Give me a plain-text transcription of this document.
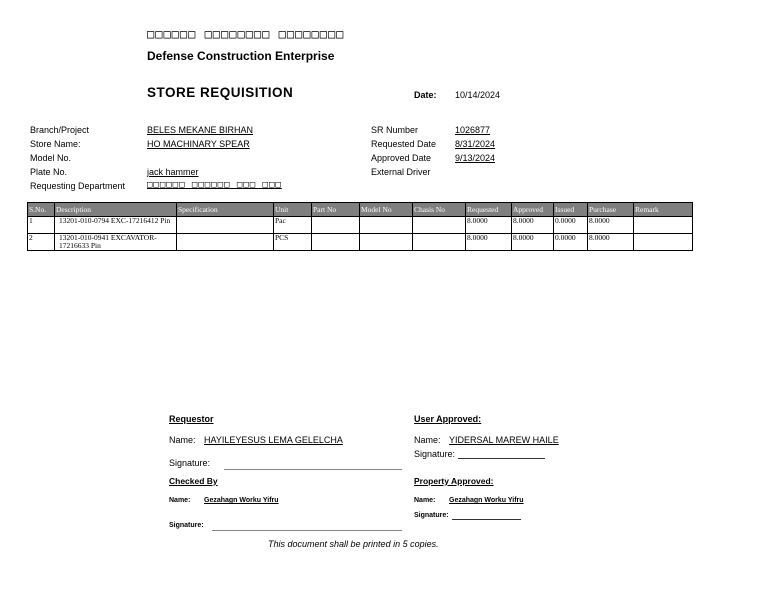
□□□□□□ □□□□□□□□ □□□□□□□□
Defense Construction Enterprise
STORE REQUISITION	Date: 10/14/2024
Branch/Project	BELES MEKANE BIRHAN
Store Name:	HO MACHINARY SPEAR
Model No.
Plate No.	jack hammer
Requesting Department □□□□□□ □□□□□□ □□□ □□□
SR Number	1026877
Requested Date 8/31/2024
Approved Date	9/13/2024
External Driver
S.No.	Description	Specification	Unit	Part No	Model No	Chasis No	Requested	Approved	Issued	Purchase	Remark
1	13201-010-0794 EXC-17216412 Pin		Pac				8.0000	8.0000	0.0000	8.0000	
2	13201-010-0941 EXCAVATOR-17216633 Pin		PCS				8.0000	8.0000	0.0000	8.0000	
Requestor
Name: HAYILEYESUS LEMA GELELCHA
Signature:
User Approved:
Name: YIDERSAL MAREW HAILE
Signature:
Checked By
Name: Gezahagn Worku Yifru
Signature:
Property Approved:
Name: Gezahagn Worku Yifru
Signature:
This document shall be printed in 5 copies.
